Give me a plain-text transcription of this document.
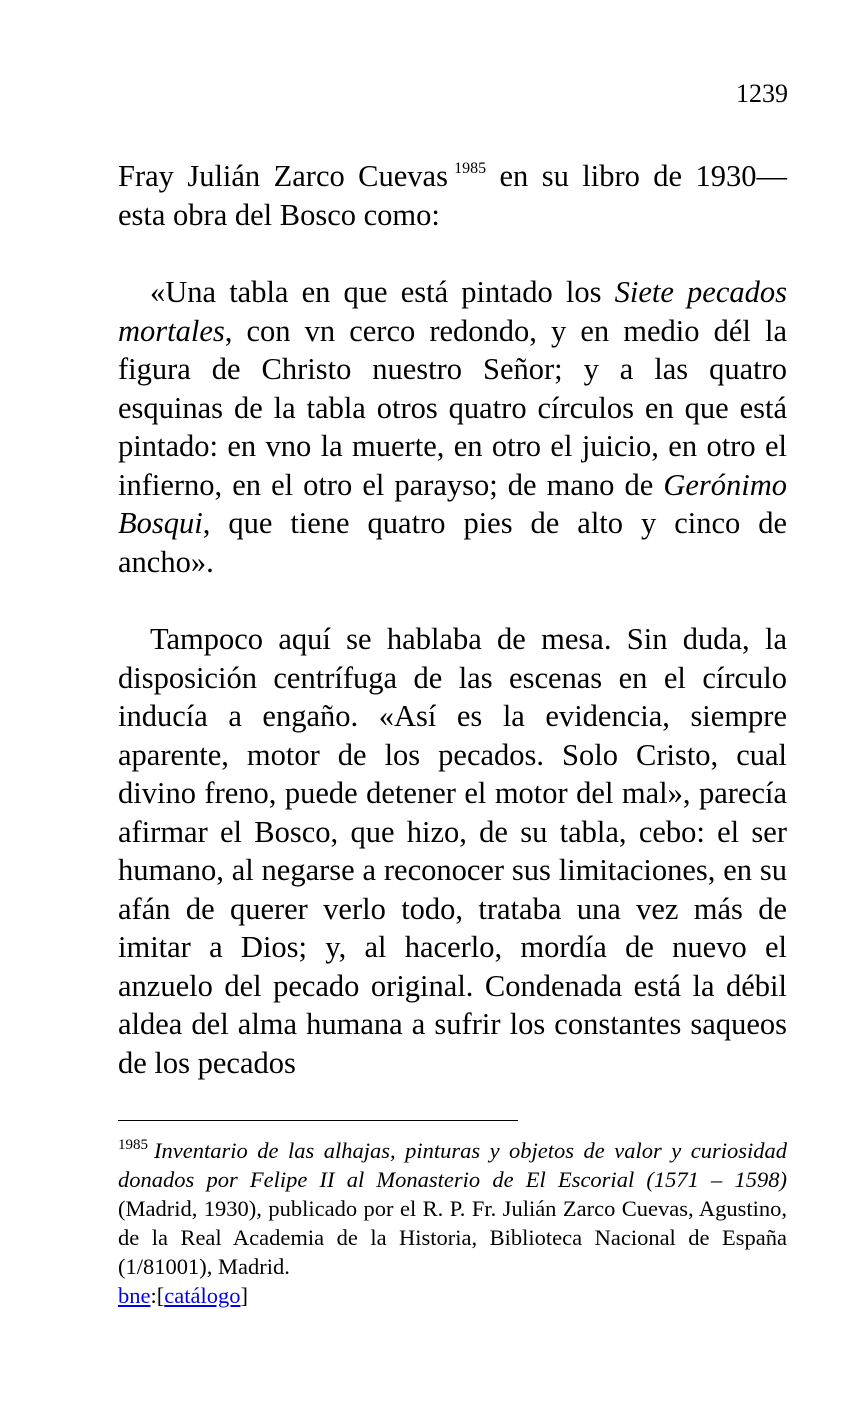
1239

Fray Julián Zarco Cuevas  $^{1985}$ en su libro de 1930— esta obra del Bosco como:

«Una tabla en que está pintado los Siete pecados mortales, con vn cerco redondo, y en medio dél la figura de Christo nuestro Señor; y a las quatro esquinas de la tabla otros quatro círculos en que está pintado: en vno la muerte, en otro el juicio, en otro el infierno, en el otro el parayso; de mano de Gerónimo Bosqui, que tiene quatro pies de alto y cinco de ancho».

Tampoco aquí se hablaba de mesa. Sin duda, la disposición centrífuga de las escenas en el círculo inducía a engaño. «Así es la evidencia, siempre aparente, motor de los pecados. Solo Cristo, cual divino freno, puede detener el motor del mal», parecía afirmar el Bosco, que hizo, de su tabla, cebo: el ser humano, al negarse a reconocer sus limitaciones, en su afán de querer verlo todo, trataba una vez más de imitar a Dios; y, al hacerlo, mordía de nuevo el anzuelo del pecado original. Condenada está la débil aldea del alma humana a sufrir los constantes saqueos de los pecados

$^{1985}$ Inventario de las alhajas, pinturas y objetos de valor y curiosidad donados por Felipe II al Monasterio de El Escorial (1571 – 1598) (Madrid, 1930), publicado por el R. P. Fr. Julián Zarco Cuevas, Agustino, de la Real Academia de la Historia, Biblioteca Nacional de España (1/81001), Madrid.

bne:[catálogo]
